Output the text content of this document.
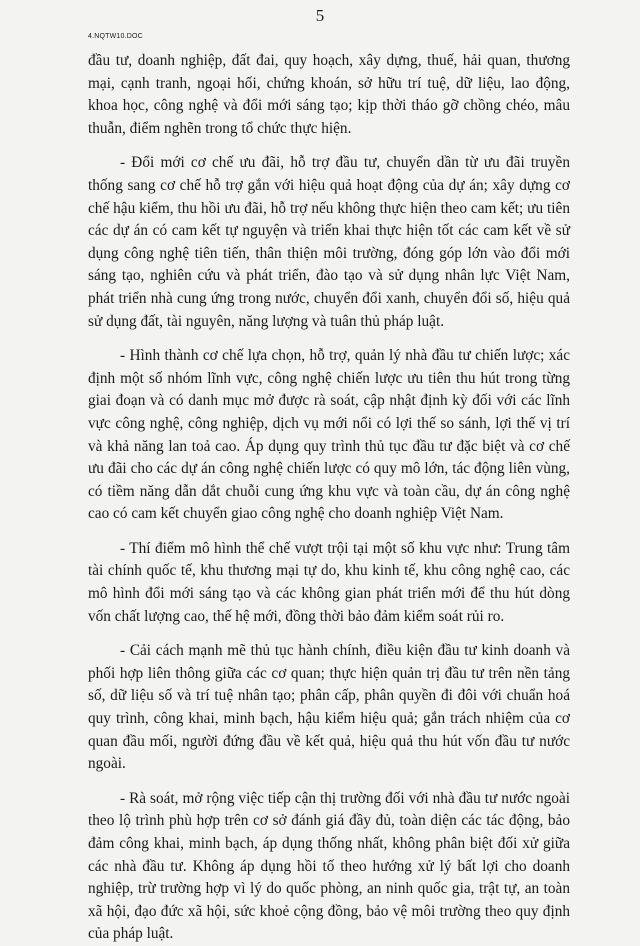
5
4.NQTW10.DOC

đầu tư, doanh nghiệp, đất đai, quy hoạch, xây dựng, thuế, hải quan, thương mại, cạnh tranh, ngoại hối, chứng khoán, sở hữu trí tuệ, dữ liệu, lao động, khoa học, công nghệ và đổi mới sáng tạo; kịp thời tháo gỡ chồng chéo, mâu thuẫn, điểm nghẽn trong tổ chức thực hiện.

- Đổi mới cơ chế ưu đãi, hỗ trợ đầu tư, chuyển dần từ ưu đãi truyền thống sang cơ chế hỗ trợ gắn với hiệu quả hoạt động của dự án; xây dựng cơ chế hậu kiểm, thu hồi ưu đãi, hỗ trợ nếu không thực hiện theo cam kết; ưu tiên các dự án có cam kết tự nguyện và triển khai thực hiện tốt các cam kết về sử dụng công nghệ tiên tiến, thân thiện môi trường, đóng góp lớn vào đổi mới sáng tạo, nghiên cứu và phát triển, đào tạo và sử dụng nhân lực Việt Nam, phát triển nhà cung ứng trong nước, chuyển đổi xanh, chuyển đổi số, hiệu quả sử dụng đất, tài nguyên, năng lượng và tuân thủ pháp luật.

- Hình thành cơ chế lựa chọn, hỗ trợ, quản lý nhà đầu tư chiến lược; xác định một số nhóm lĩnh vực, công nghệ chiến lược ưu tiên thu hút trong từng giai đoạn và có danh mục mở được rà soát, cập nhật định kỳ đối với các lĩnh vực công nghệ, công nghiệp, dịch vụ mới nổi có lợi thế so sánh, lợi thế vị trí và khả năng lan toả cao. Áp dụng quy trình thủ tục đầu tư đặc biệt và cơ chế ưu đãi cho các dự án công nghệ chiến lược có quy mô lớn, tác động liên vùng, có tiềm năng dẫn dắt chuỗi cung ứng khu vực và toàn cầu, dự án công nghệ cao có cam kết chuyển giao công nghệ cho doanh nghiệp Việt Nam.

- Thí điểm mô hình thể chế vượt trội tại một số khu vực như: Trung tâm tài chính quốc tế, khu thương mại tự do, khu kinh tế, khu công nghệ cao, các mô hình đổi mới sáng tạo và các không gian phát triển mới để thu hút dòng vốn chất lượng cao, thế hệ mới, đồng thời bảo đảm kiểm soát rủi ro.

- Cải cách mạnh mẽ thủ tục hành chính, điều kiện đầu tư kinh doanh và phối hợp liên thông giữa các cơ quan; thực hiện quản trị đầu tư trên nền tảng số, dữ liệu số và trí tuệ nhân tạo; phân cấp, phân quyền đi đôi với chuẩn hoá quy trình, công khai, minh bạch, hậu kiểm hiệu quả; gắn trách nhiệm của cơ quan đầu mối, người đứng đầu về kết quả, hiệu quả thu hút vốn đầu tư nước ngoài.

- Rà soát, mở rộng việc tiếp cận thị trường đối với nhà đầu tư nước ngoài theo lộ trình phù hợp trên cơ sở đánh giá đầy đủ, toàn diện các tác động, bảo đảm công khai, minh bạch, áp dụng thống nhất, không phân biệt đối xử giữa các nhà đầu tư. Không áp dụng hồi tố theo hướng xử lý bất lợi cho doanh nghiệp, trừ trường hợp vì lý do quốc phòng, an ninh quốc gia, trật tự, an toàn xã hội, đạo đức xã hội, sức khoẻ cộng đồng, bảo vệ môi trường theo quy định của pháp luật.
